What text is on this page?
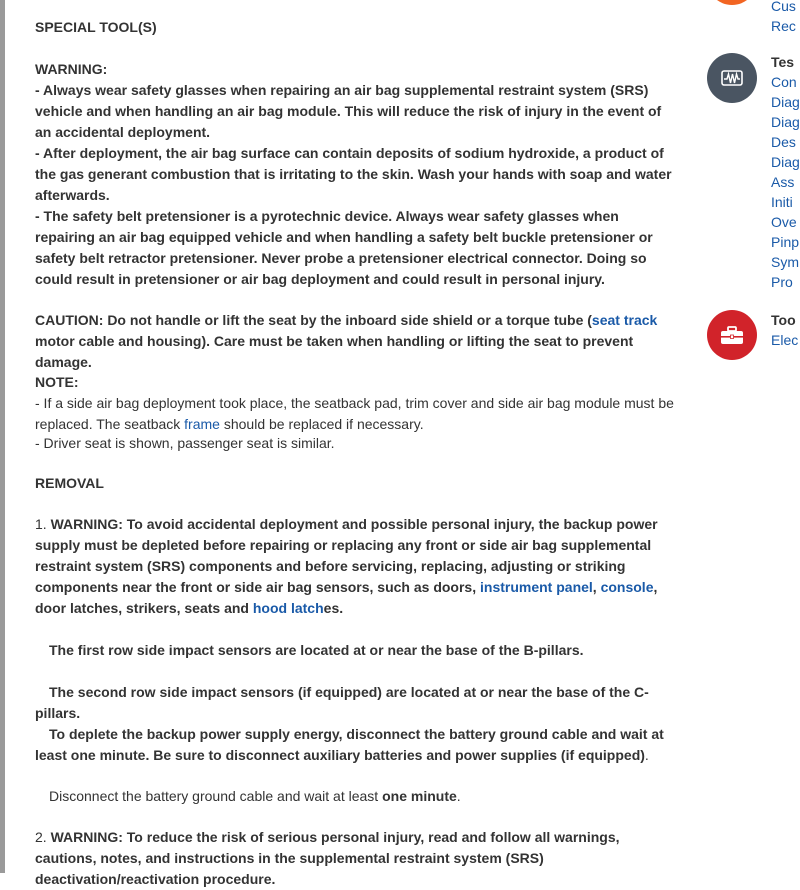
SPECIAL TOOL(S)
WARNING:
- Always wear safety glasses when repairing an air bag supplemental restraint system (SRS) vehicle and when handling an air bag module. This will reduce the risk of injury in the event of an accidental deployment.
- After deployment, the air bag surface can contain deposits of sodium hydroxide, a product of the gas generant combustion that is irritating to the skin. Wash your hands with soap and water afterwards.
- The safety belt pretensioner is a pyrotechnic device. Always wear safety glasses when repairing an air bag equipped vehicle and when handling a safety belt buckle pretensioner or safety belt retractor pretensioner. Never probe a pretensioner electrical connector. Doing so could result in pretensioner or air bag deployment and could result in personal injury.
CAUTION: Do not handle or lift the seat by the inboard side shield or a torque tube (seat track motor cable and housing). Care must be taken when handling or lifting the seat to prevent damage.
NOTE:
- If a side air bag deployment took place, the seatback pad, trim cover and side air bag module must be replaced. The seatback frame should be replaced if necessary.
- Driver seat is shown, passenger seat is similar.
REMOVAL
1. WARNING: To avoid accidental deployment and possible personal injury, the backup power supply must be depleted before repairing or replacing any front or side air bag supplemental restraint system (SRS) components and before servicing, replacing, adjusting or striking components near the front or side air bag sensors, such as doors, instrument panel, console, door latches, strikers, seats and hood latches.
The first row side impact sensors are located at or near the base of the B-pillars.
The second row side impact sensors (if equipped) are located at or near the base of the C-pillars.
To deplete the backup power supply energy, disconnect the battery ground cable and wait at least one minute. Be sure to disconnect auxiliary batteries and power supplies (if equipped).
Disconnect the battery ground cable and wait at least one minute.
2. WARNING: To reduce the risk of serious personal injury, read and follow all warnings, cautions, notes, and instructions in the supplemental restraint system (SRS) deactivation/reactivation procedure.
Cus
Rec
Tes
Con
Diag
Diag
Des
Diag
Ass
Initi
Ove
Pinp
Sym
Pro
Too
Elec
